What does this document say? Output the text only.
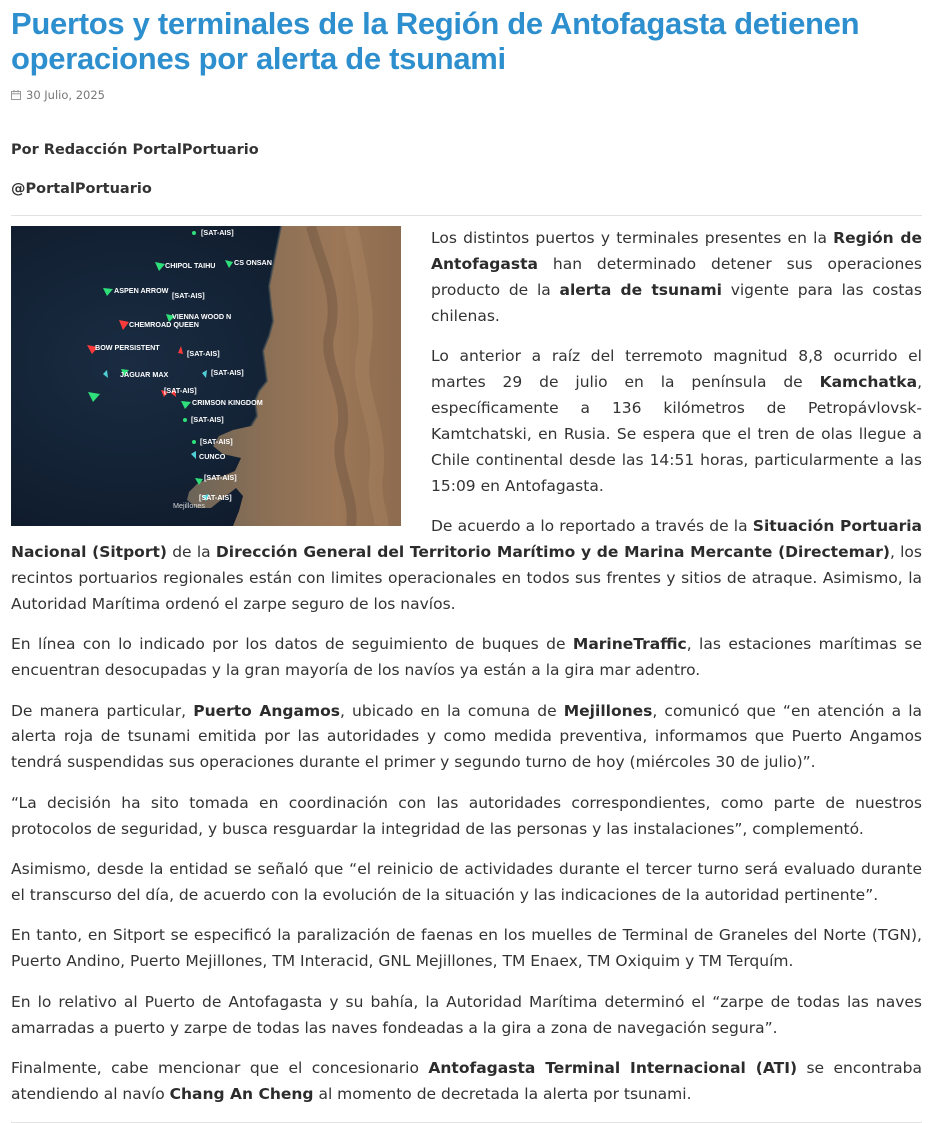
Puertos y terminales de la Región de Antofagasta detienen operaciones por alerta de tsunami
30 Julio, 2025

Por Redacción PortalPortuario

@PortalPortuario

[SAT-AIS]
CHIPOL TAIHU	CS ONSAN
ASPEN ARROW
[SAT-AIS]
VIENNA WOOD N
CHEMROAD QUEEN
BOW PERSISTENT
[SAT-AIS]
JAGUAR MAX	[SAT-AIS]
[SAT-AIS]
CRIMSON KINGDOM
[SAT-AIS]
[SAT-AIS]
CUNCO
[SAT-AIS]
[SAT-AIS]
Mejillones

Los distintos puertos y terminales presentes en la Región de Antofagasta han determinado detener sus operaciones producto de la alerta de tsunami vigente para las costas chilenas.

Lo anterior a raíz del terremoto magnitud 8,8 ocurrido el martes 29 de julio en la península de Kamchatka, específicamente a 136 kilómetros de Petropávlovsk-Kamtchatski, en Rusia. Se espera que el tren de olas llegue a Chile continental desde las 14:51 horas, particularmente a las 15:09 en Antofagasta.

De acuerdo a lo reportado a través de la Situación Portuaria Nacional (Sitport) de la Dirección General del Territorio Marítimo y de Marina Mercante (Directemar), los recintos portuarios regionales están con limites operacionales en todos sus frentes y sitios de atraque. Asimismo, la Autoridad Marítima ordenó el zarpe seguro de los navíos.

En línea con lo indicado por los datos de seguimiento de buques de MarineTraffic, las estaciones marítimas se encuentran desocupadas y la gran mayoría de los navíos ya están a la gira mar adentro.

De manera particular, Puerto Angamos, ubicado en la comuna de Mejillones, comunicó que “en atención a la alerta roja de tsunami emitida por las autoridades y como medida preventiva, informamos que Puerto Angamos tendrá suspendidas sus operaciones durante el primer y segundo turno de hoy (miércoles 30 de julio)”.

“La decisión ha sito tomada en coordinación con las autoridades correspondientes, como parte de nuestros protocolos de seguridad, y busca resguardar la integridad de las personas y las instalaciones”, complementó.

Asimismo, desde la entidad se señaló que “el reinicio de actividades durante el tercer turno será evaluado durante el transcurso del día, de acuerdo con la evolución de la situación y las indicaciones de la autoridad pertinente”.

En tanto, en Sitport se especificó la paralización de faenas en los muelles de Terminal de Graneles del Norte (TGN), Puerto Andino, Puerto Mejillones, TM Interacid, GNL Mejillones, TM Enaex, TM Oxiquim y TM Terquím.

En lo relativo al Puerto de Antofagasta y su bahía, la Autoridad Marítima determinó el “zarpe de todas las naves amarradas a puerto y zarpe de todas las naves fondeadas a la gira a zona de navegación segura”.

Finalmente, cabe mencionar que el concesionario Antofagasta Terminal Internacional (ATI) se encontraba atendiendo al navío Chang An Cheng al momento de decretada la alerta por tsunami.
